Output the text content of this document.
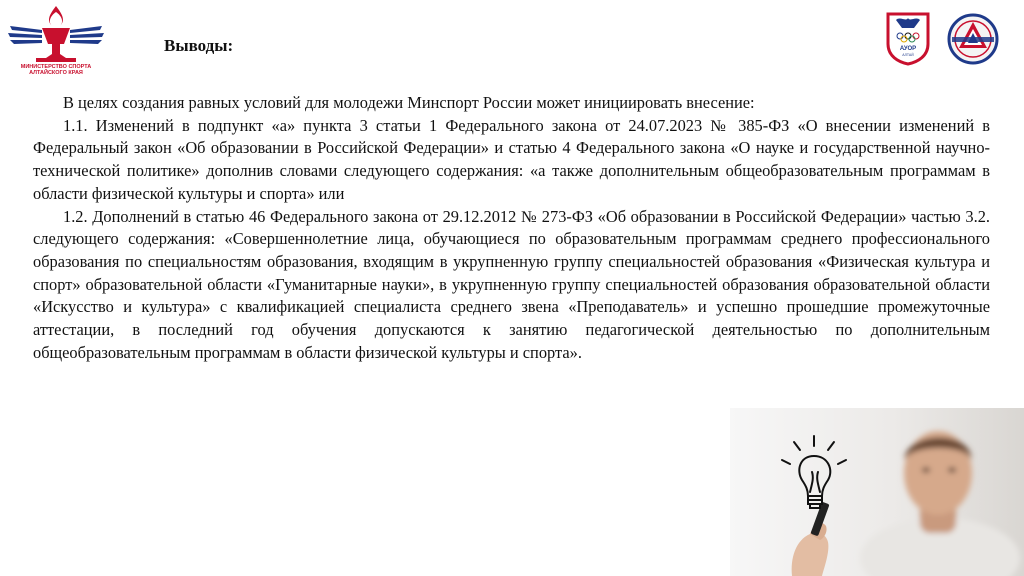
МИНИСТЕРСТВО СПОРТА АЛТАЙСКОГО КРАЯ
АУОР
АЛТАЙ
Выводы:

В целях создания равных условий для молодежи Минспорт России может инициировать внесение:

1.1. Изменений в подпункт «а» пункта 3 статьи 1 Федерального закона от 24.07.2023 № 385-ФЗ «О внесении изменений в Федеральный закон «Об образовании в Российской Федерации» и статью 4 Федерального закона «О науке и государственной научно-технической политике» дополнив словами следующего содержания: «а также дополнительным общеобразовательным программам в области физической культуры и спорта» или

1.2. Дополнений в статью 46 Федерального закона от 29.12.2012 № 273-ФЗ «Об образовании в Российской Федерации» частью 3.2. следующего содержания: «Совершеннолетние лица, обучающиеся по образовательным программам среднего профессионального образования по специальностям образования, входящим в укрупненную группу специальностей образования «Физическая культура и спорт» образовательной области «Гуманитарные науки», в укрупненную группу специальностей образования образовательной области «Искусство и культура» с квалификацией специалиста среднего звена «Преподаватель» и успешно прошедшие промежуточные аттестации, в последний год обучения допускаются к занятию педагогической деятельностью по дополнительным общеобразовательным программам в области физической культуры и спорта».
